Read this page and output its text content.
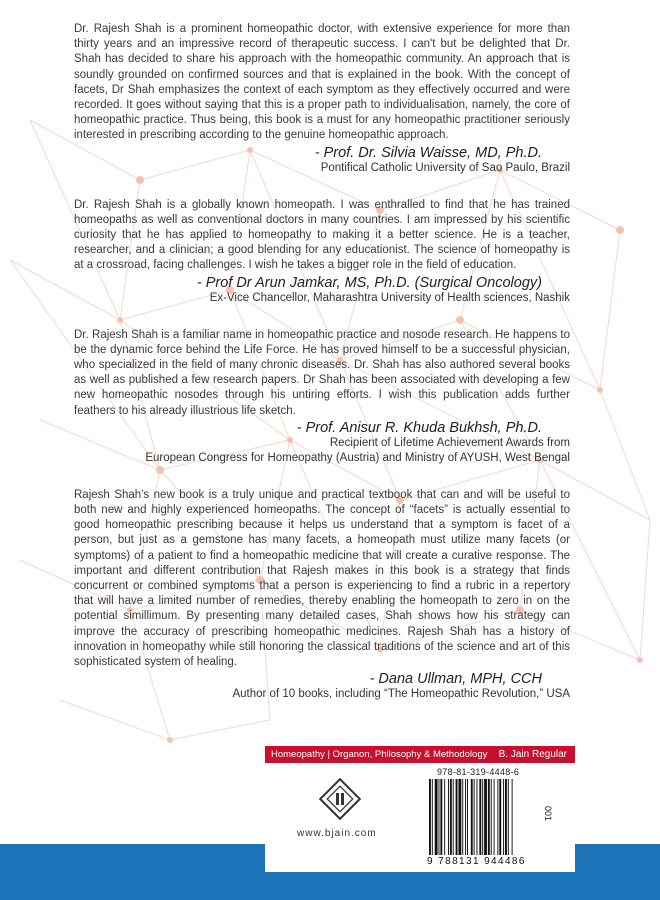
Dr. Rajesh Shah is a prominent homeopathic doctor, with extensive experience for more than thirty years and an impressive record of therapeutic success. I can't but be delighted that Dr. Shah has decided to share his approach with the homeopathic community. An approach that is soundly grounded on confirmed sources and that is explained in the book. With the concept of facets, Dr Shah emphasizes the context of each symptom as they effectively occurred and were recorded. It goes without saying that this is a proper path to individualisation, namely, the core of homeopathic practice. Thus being, this book is a must for any homeopathic practitioner seriously interested in prescribing according to the genuine homeopathic approach.

- Prof. Dr. Silvia Waisse, MD, Ph.D.

Pontifical Catholic University of Sao Paulo, Brazil

Dr. Rajesh Shah is a globally known homeopath. I was enthralled to find that he has trained homeopaths as well as conventional doctors in many countries. I am impressed by his scientific curiosity that he has applied to homeopathy to making it a better science. He is a teacher, researcher, and a clinician; a good blending for any educationist. The science of homeopathy is at a crossroad, facing challenges. I wish he takes a bigger role in the field of education.

- Prof Dr Arun Jamkar, MS, Ph.D. (Surgical Oncology)

Ex-Vice Chancellor, Maharashtra University of Health sciences, Nashik

Dr. Rajesh Shah is a familiar name in homeopathic practice and nosode research. He happens to be the dynamic force behind the Life Force. He has proved himself to be a successful physician, who specialized in the field of many chronic diseases. Dr. Shah has also authored several books as well as published a few research papers. Dr Shah has been associated with developing a few new homeopathic nosodes through his untiring efforts. I wish this publication adds further feathers to his already illustrious life sketch.

- Prof. Anisur R. Khuda Bukhsh, Ph.D.

Recipient of Lifetime Achievement Awards from

European Congress for Homeopathy (Austria) and Ministry of AYUSH, West Bengal

Rajesh Shah's new book is a truly unique and practical textbook that can and will be useful to both new and highly experienced homeopaths. The concept of “facets” is actually essential to good homeopathic prescribing because it helps us understand that a symptom is facet of a person, but just as a gemstone has many facets, a homeopath must utilize many facets (or symptoms) of a patient to find a homeopathic medicine that will create a curative response. The important and different contribution that Rajesh makes in this book is a strategy that finds concurrent or combined symptoms that a person is experiencing to find a rubric in a repertory that will have a limited number of remedies, thereby enabling the homeopath to zero in on the potential simillimum. By presenting many detailed cases, Shah shows how his strategy can improve the accuracy of prescribing homeopathic medicines. Rajesh Shah has a history of innovation in homeopathy while still honoring the classical traditions of the science and art of this sophisticated system of healing.

- Dana Ullman, MPH, CCH

Author of 10 books, including “The Homeopathic Revolution,” USA

Homeopathy | Organon, Philosophy & Methodology B. Jain Regular
www.bjain.com
978-81-319-4448-6
9 788131 944486
001
